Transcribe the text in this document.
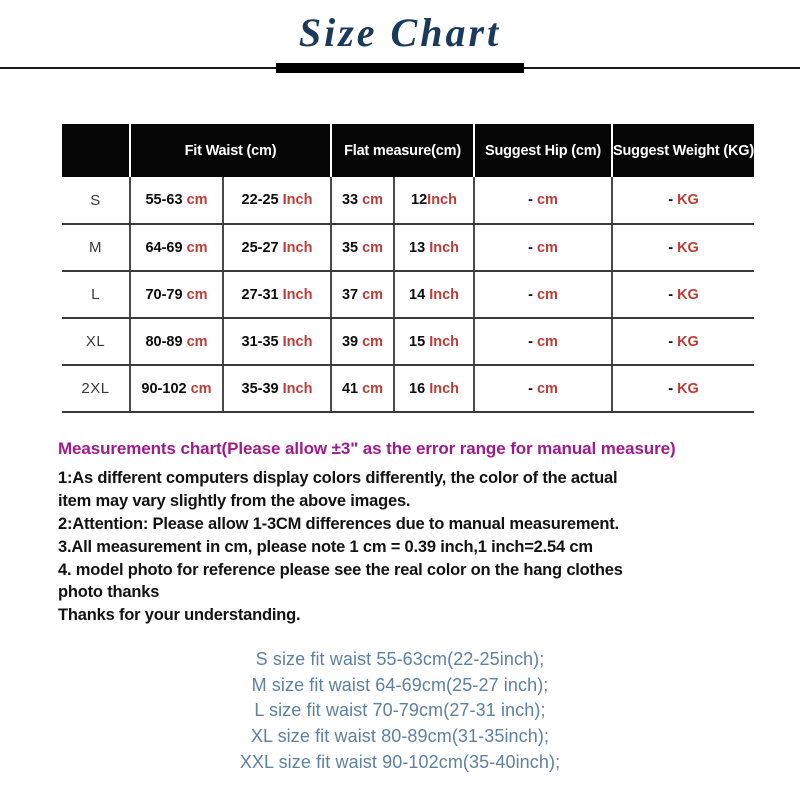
Size Chart
	Fit Waist (cm)		Flat measure(cm)		Suggest Hip (cm)	Suggest Weight (KG)
S	55-63 cm	22-25 Inch	33 cm	12Inch	- cm	- KG
M	64-69 cm	25-27 Inch	35 cm	13 Inch	- cm	- KG
L	70-79 cm	27-31 Inch	37 cm	14 Inch	- cm	- KG
XL	80-89 cm	31-35 Inch	39 cm	15 Inch	- cm	- KG
2XL	90-102 cm	35-39 Inch	41 cm	16 Inch	- cm	- KG
Measurements chart(Please allow ±3" as the error range for manual measure)
1:As different computers display colors differently, the color of the actual
item may vary slightly from the above images.
2:Attention: Please allow 1-3CM differences due to manual measurement.
3.All measurement in cm, please note 1 cm = 0.39 inch,1 inch=2.54 cm
4. model photo for reference please see the real color on the hang clothes
photo thanks
Thanks for your understanding.
S size fit waist 55-63cm(22-25inch);
M size fit waist 64-69cm(25-27 inch);
L size fit waist 70-79cm(27-31 inch);
XL size fit waist 80-89cm(31-35inch);
XXL size fit waist 90-102cm(35-40inch);
